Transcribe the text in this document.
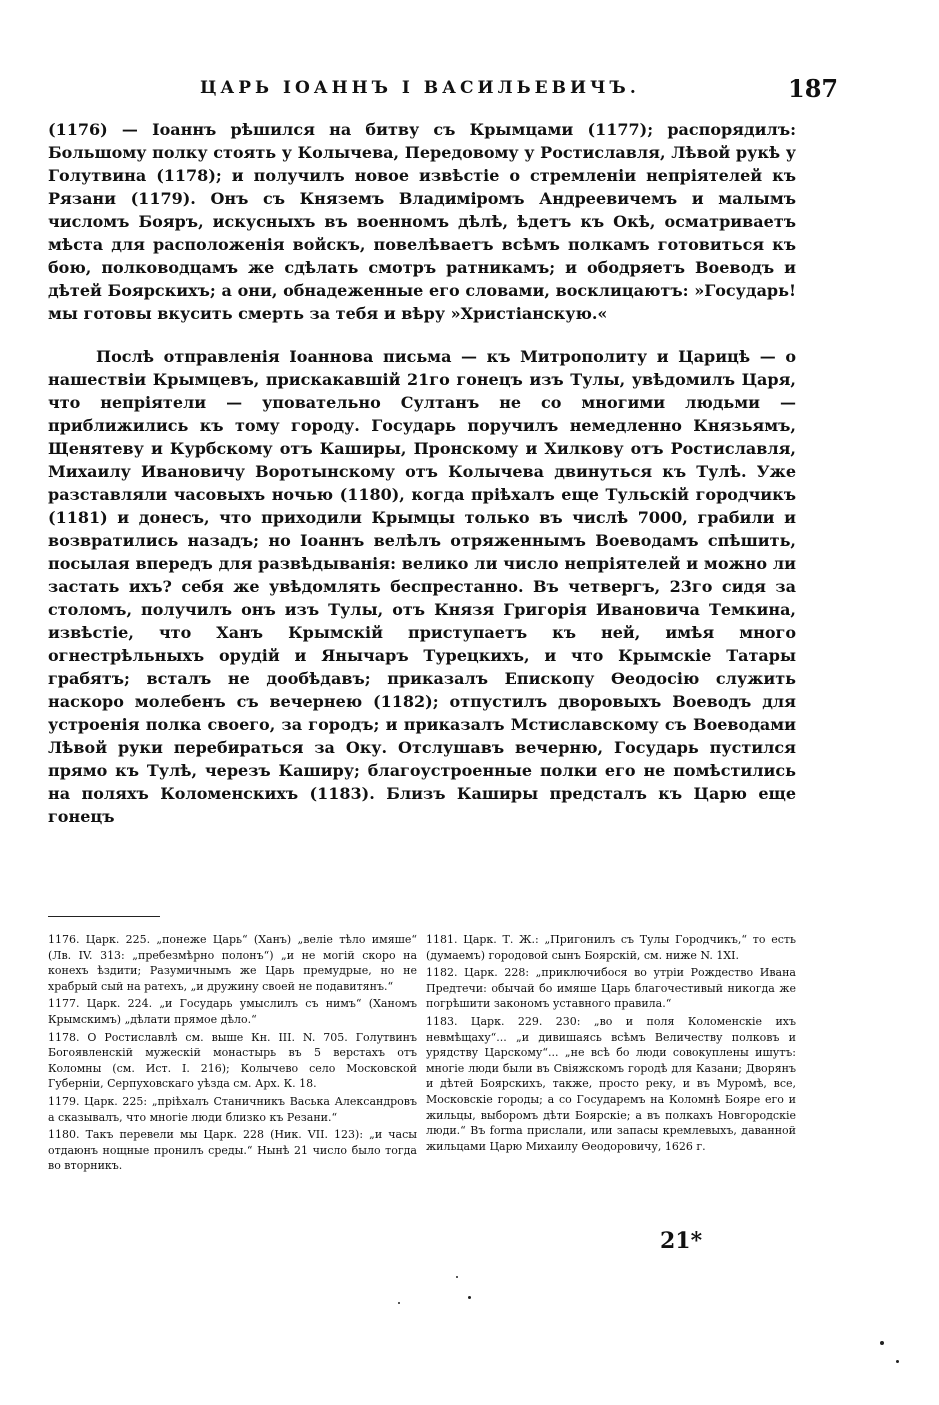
ЦАРЬ ІОАННЪ І ВАСИЛЬЕВИЧЪ.	187

(1176) — Іоаннъ рѣшился на битву съ Крымцами (1177); распорядилъ: Большому полку стоять у Колычева, Передовому у Ростиславля, Лѣвой рукѣ у Голутвина (1178); и получилъ новое извѣстіе о стремленіи непріятелей къ Рязани (1179). Онъ съ Княземъ Владиміромъ Андреевичемъ и малымъ числомъ Бояръ, искусныхъ въ военномъ дѣлѣ, ѣдетъ къ Окѣ, осматриваетъ мѣста для расположенія войскъ, повелѣваетъ всѣмъ полкамъ готовиться къ бою, полководцамъ же сдѣлать смотръ ратникамъ; и ободряетъ Воеводъ и дѣтей Боярскихъ; а они, обнадеженные его словами, восклицаютъ: »Государь! мы готовы вкусить смерть за тебя и вѣру »Христіанскую.«

Послѣ отправленія Іоаннова письма — къ Митрополиту и Царицѣ — о нашествіи Крымцевъ, прискакавшій 21го гонецъ изъ Тулы, увѣдомилъ Царя, что непріятели — уповательно Султанъ не со многими людьми — приближились къ тому городу. Государь поручилъ немедленно Князьямъ, Щенятеву и Курбскому отъ Каширы, Пронскому и Хилкову отъ Ростиславля, Михаилу Ивановичу Воротынскому отъ Колычева двинуться къ Тулѣ. Уже разставляли часовыхъ ночью (1180), когда пріѣхалъ еще Тульскій городчикъ (1181) и донесъ, что приходили Крымцы только въ числѣ 7000, грабили и возвратились назадъ; но Іоаннъ велѣлъ отряженнымъ Воеводамъ спѣшить, посылая впередъ для развѣдыванія: велико ли число непріятелей и можно ли застать ихъ? себя же увѣдомлять беспрестанно. Въ четвергъ, 23го сидя за столомъ, получилъ онъ изъ Тулы, отъ Князя Григорія Ивановича Темкина, извѣстіе, что Ханъ Крымскій приступаетъ къ ней, имѣя много огнестрѣльныхъ орудій и Янычаръ Турецкихъ, и что Крымскіе Татары грабятъ; всталъ не дообѣдавъ; приказалъ Епископу Ѳеодосію служить наскоро молебенъ съ вечернею (1182); отпустилъ дворовыхъ Воеводъ для устроенія полка своего, за городъ; и приказалъ Мстиславскому съ Воеводами Лѣвой руки перебираться за Оку. Отслушавъ вечерню, Государь пустился прямо къ Тулѣ, черезъ Каширу; благоустроенные полки его не помѣстились на поляхъ Коломенскихъ (1183). Близъ Каширы предсталъ къ Царю еще гонецъ

1176. Царк. 225. „понеже Царь“ (Ханъ) „веліе тѣло имяше“ (Лв. IV. 313: „пребезмѣрно полонъ“) „и не могій скоро на конехъ ѣздити; Разумичнымъ же Царь премудрые, но не храбрый сый на ратехъ, „и дружину своей не подавитянъ.“

1177. Царк. 224. „и Государь умыслилъ съ нимъ“ (Ханомъ Крымскимъ) „дѣлати прямое дѣло.“

1178. О Ростиславлѣ см. выше Кн. III. N. 705. Голутвинъ Богоявленскій мужескій монастырь въ 5 верстахъ отъ Коломны (см. Ист. I. 216); Колычево село Московской Губерніи, Серпуховскаго уѣзда см. Арх. К. 18.

1179. Царк. 225: „пріѣхалъ Станичникъ Васька Александровъ а сказывалъ, что многіе люди близко къ Резани.“

1180. Такъ перевели мы Царк. 228 (Ник. VII. 123): „и часы отдаюнъ нощные пронилъ среды.“ Нынѣ 21 число было тогда во вторникъ.

1181. Царк. Т. Ж.: „Пригонилъ съ Тулы Городчикъ,“ то есть (думаемъ) городовой сынъ Боярскій, см. ниже N. 1XI.

1182. Царк. 228: „приключибося во утріи Рождество Ивана Предтечи: обычай бо имяше Царь благочестивый никогда же погрѣшити закономъ уставного правила.“

1183. Царк. 229. 230: „во и поля Коломенскіе ихъ невмѣщаху“... „и дивишаясь всѣмъ Величеству полковъ и урядству Царскому“... „не всѣ бо люди совокуплены ишутъ: многіе люди были въ Свіяжскомъ городѣ для Казани; Дворянъ и дѣтей Боярскихъ, также, просто реку, и въ Муромѣ, все, Московскіе городы; а со Государемъ на Коломнѣ Бояре его и жильцы, выборомъ дѣти Боярскіе; а въ полкахъ Новгородскіе люди.“ Въ forma прислали, или запасы кремлевыхъ, даванной жильцами Царю Михаилу Ѳеодоровичу, 1626 г.

21*
